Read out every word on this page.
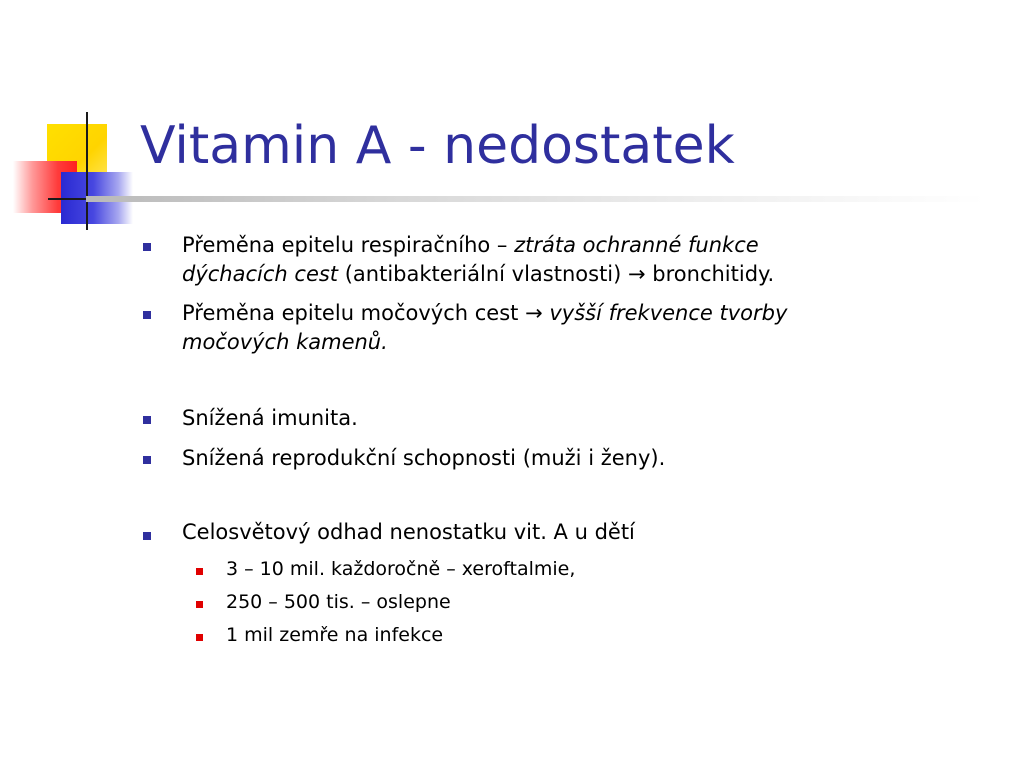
Vitamin A - nedostatek
Přeměna epitelu respiračního – ztráta ochranné funkce
dýchacích cest (antibakteriální vlastnosti) → bronchitidy.
Přeměna epitelu močových cest → vyšší frekvence tvorby
močových kamenů.
Snížená imunita.
Snížená reprodukční schopnosti (muži i ženy).
Celosvětový odhad nenostatku vit. A u dětí
3 – 10 mil. každoročně – xeroftalmie,
250 – 500 tis. – oslepne
1 mil zemře na infekce
